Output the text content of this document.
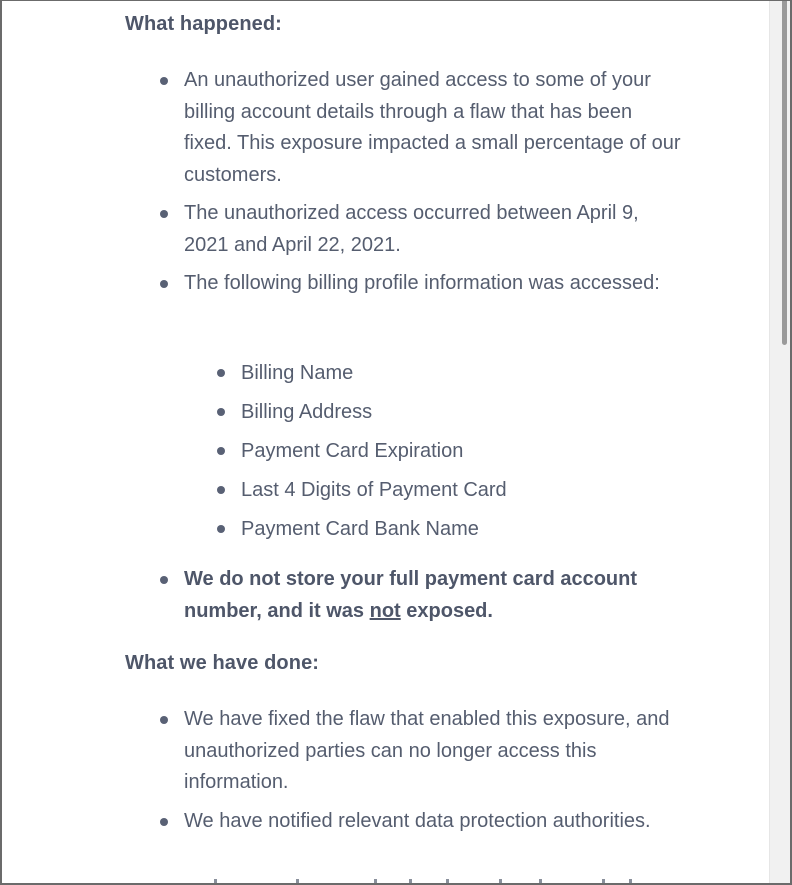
What happened:
An unauthorized user gained access to some of your billing account details through a flaw that has been fixed. This exposure impacted a small percentage of our customers.
The unauthorized access occurred between April 9, 2021 and April 22, 2021.
The following billing profile information was accessed:
Billing Name
Billing Address
Payment Card Expiration
Last 4 Digits of Payment Card
Payment Card Bank Name
We do not store your full payment card account number, and it was not exposed.
What we have done:
We have fixed the flaw that enabled this exposure, and unauthorized parties can no longer access this information.
We have notified relevant data protection authorities.
